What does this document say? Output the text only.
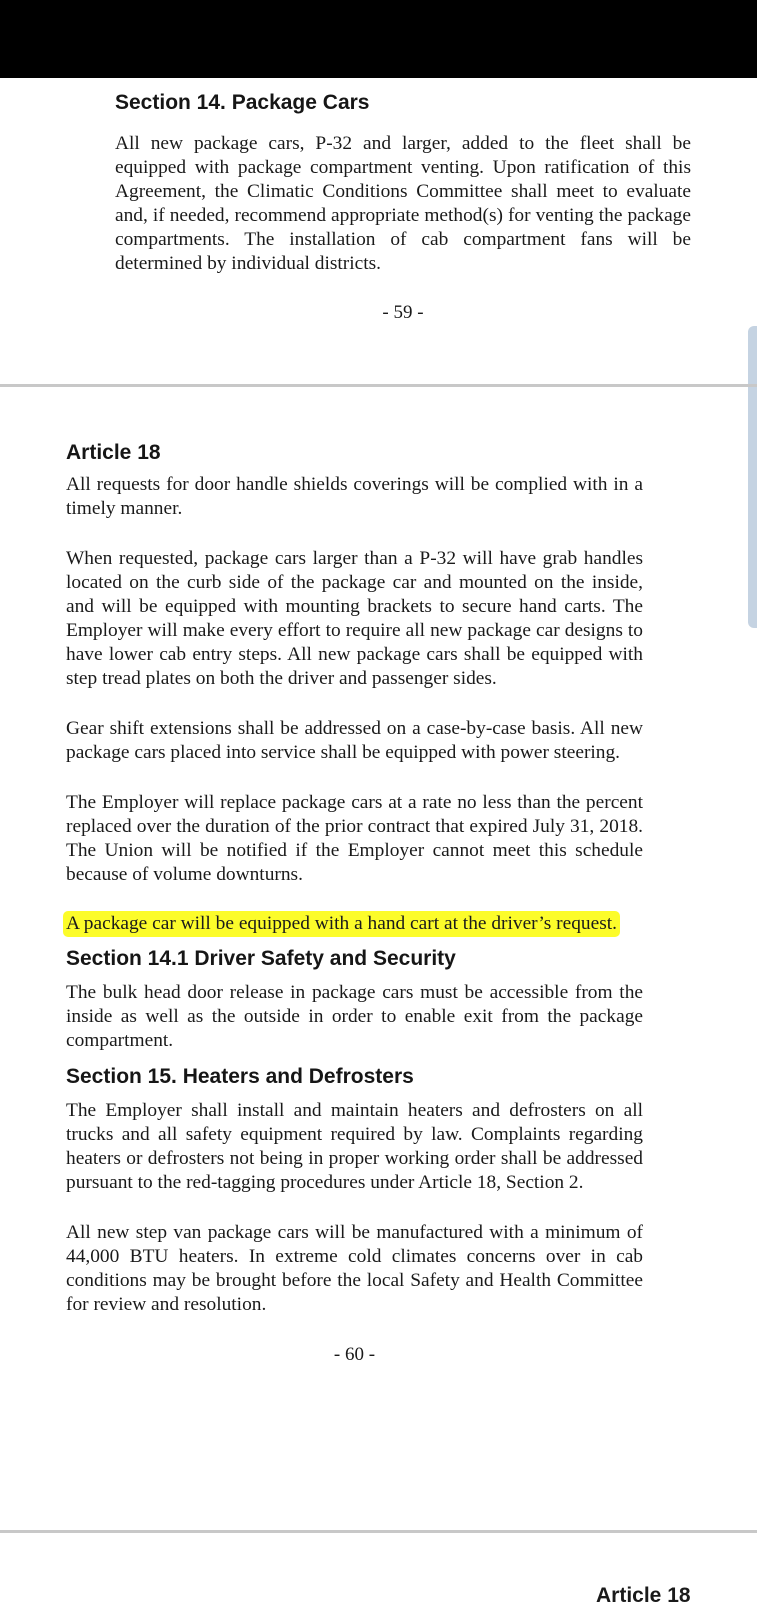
Section 14. Package Cars

All new package cars, P-32 and larger, added to the fleet shall be equipped with package compartment venting. Upon ratification of this Agreement, the Climatic Conditions Committee shall meet to evaluate and, if needed, recommend appropriate method(s) for venting the package compartments. The installation of cab compartment fans will be determined by individual districts.

- 59 -
Article 18

All requests for door handle shields coverings will be complied with in a timely manner.

When requested, package cars larger than a P-32 will have grab handles located on the curb side of the package car and mounted on the inside, and will be equipped with mounting brackets to secure hand carts. The Employer will make every effort to require all new package car designs to have lower cab entry steps. All new package cars shall be equipped with step tread plates on both the driver and passenger sides.

Gear shift extensions shall be addressed on a case-by-case basis. All new package cars placed into service shall be equipped with power steering.

The Employer will replace package cars at a rate no less than the percent replaced over the duration of the prior contract that expired July 31, 2018. The Union will be notified if the Employer cannot meet this schedule because of volume downturns.

A package car will be equipped with a hand cart at the driver’s request.
Section 14.1 Driver Safety and Security

The bulk head door release in package cars must be accessible from the inside as well as the outside in order to enable exit from the package compartment.

Section 15. Heaters and Defrosters

The Employer shall install and maintain heaters and defrosters on all trucks and all safety equipment required by law. Complaints regarding heaters or defrosters not being in proper working order shall be addressed pursuant to the red-tagging procedures under Article 18, Section 2.

All new step van package cars will be manufactured with a minimum of 44,000 BTU heaters. In extreme cold climates concerns over in cab conditions may be brought before the local Safety and Health Committee for review and resolution.

- 60 -
Article 18
